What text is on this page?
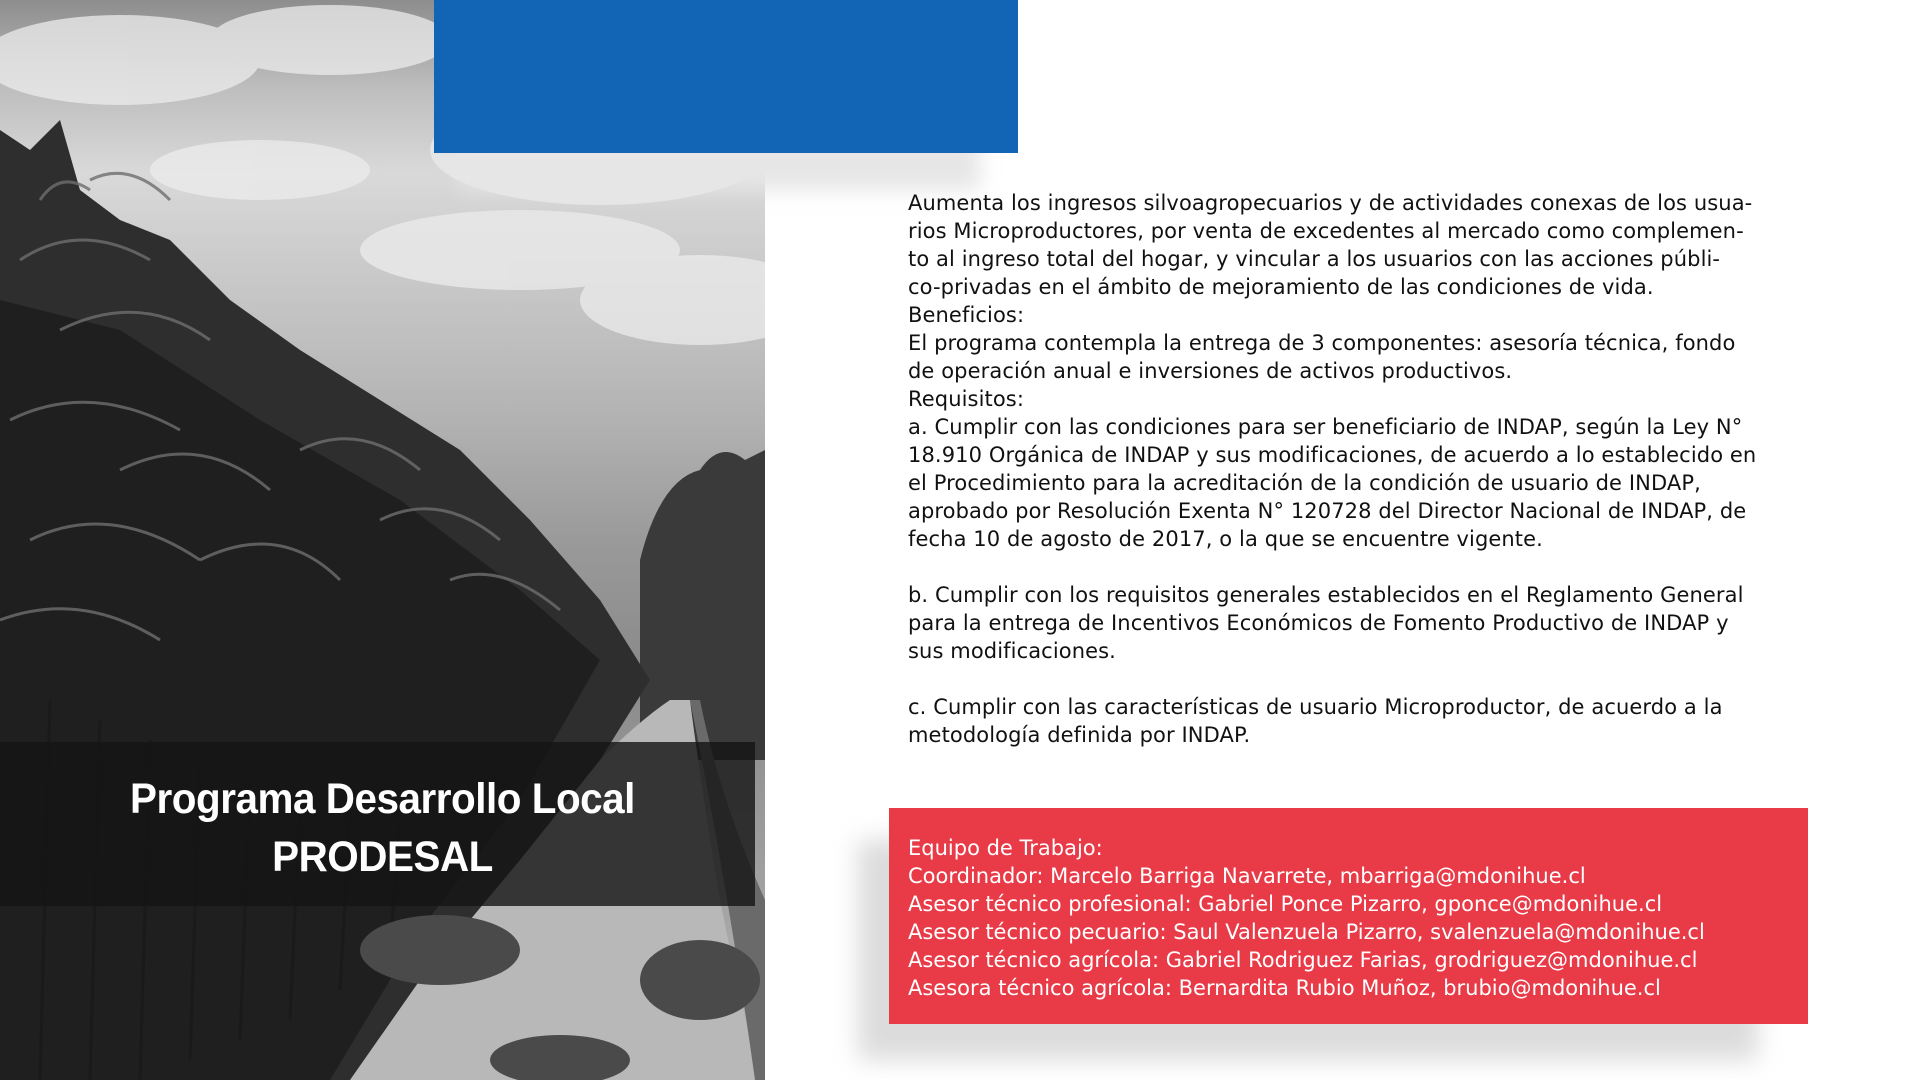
Programa Desarrollo Local
PRODESAL

Aumenta los ingresos silvoagropecuarios y de actividades conexas de los usua-

rios Microproductores, por venta de excedentes al mercado como complemen-

to al ingreso total del hogar, y vincular a los usuarios con las acciones públi-

co-privadas en el ámbito de mejoramiento de las condiciones de vida.

Beneficios:

El programa contempla la entrega de 3 componentes: asesoría técnica, fondo

de operación anual e inversiones de activos productivos.

Requisitos:

a. Cumplir con las condiciones para ser beneficiario de INDAP, según la Ley N°

18.910 Orgánica de INDAP y sus modificaciones, de acuerdo a lo establecido en

el Procedimiento para la acreditación de la condición de usuario de INDAP,

aprobado por Resolución Exenta N° 120728 del Director Nacional de INDAP, de

fecha 10 de agosto de 2017, o la que se encuentre vigente.

b. Cumplir con los requisitos generales establecidos en el Reglamento General

para la entrega de Incentivos Económicos de Fomento Productivo de INDAP y

sus modificaciones.

c. Cumplir con las características de usuario Microproductor, de acuerdo a la

metodología definida por INDAP.

Equipo de Trabajo:

Coordinador: Marcelo Barriga Navarrete, mbarriga@mdonihue.cl

Asesor técnico profesional: Gabriel Ponce Pizarro, gponce@mdonihue.cl

Asesor técnico pecuario: Saul Valenzuela Pizarro, svalenzuela@mdonihue.cl

Asesor técnico agrícola: Gabriel Rodriguez Farias, grodriguez@mdonihue.cl

Asesora técnico agrícola: Bernardita Rubio Muñoz, brubio@mdonihue.cl
